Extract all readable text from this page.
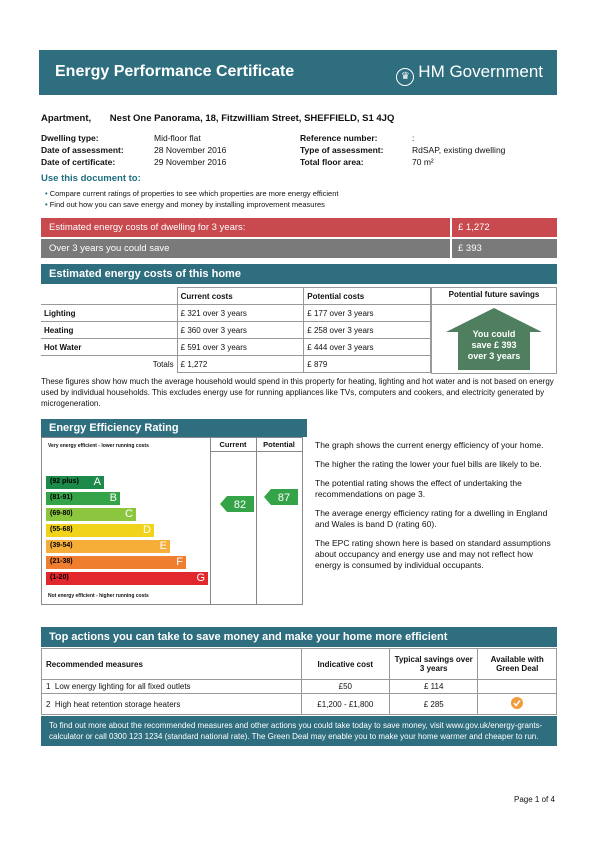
Energy Performance Certificate	♛ HM Government
Apartment, Nest One Panorama, 18, Fitzwilliam Street, SHEFFIELD, S1 4JQ
Dwelling type:	Mid-floor flat
Date of assessment:	28 November 2016
Date of certificate:	29 November 2016
Reference number:	:
Type of assessment:	RdSAP, existing dwelling
Total floor area:	70 m²
Use this document to:
• Compare current ratings of properties to see which properties are more energy efficient
• Find out how you can save energy and money by installing improvement measures
Estimated energy costs of dwelling for 3 years:	£ 1,272
Over 3 years you could save	£ 393
Estimated energy costs of this home
	Current costs	Potential costs
Lighting	£ 321 over 3 years	£ 177 over 3 years
Heating	£ 360 over 3 years	£ 258 over 3 years
Hot Water	£ 591 over 3 years	£ 444 over 3 years
Totals	£ 1,272	£ 879
Potential future savings
You could
save £ 393
over 3 years
These figures show how much the average household would spend in this property for heating, lighting and hot water and is not based on energy used by individual households. This excludes energy use for running appliances like TVs, computers and cookers, and electricity generated by microgeneration.
Energy Efficiency Rating
Current	Potential
Very energy efficient - lower running costs
(92 plus) A
(81-91)	B
(69-80)	C
(55-68)	D
(39-54)	E
(21-38)	F
(1-20)	G
Not energy efficient - higher running costs
82
87

The graph shows the current energy efficiency of your home.

The higher the rating the lower your fuel bills are likely to be.

The potential rating shows the effect of undertaking the recommendations on page 3.

The average energy efficiency rating for a dwelling in England and Wales is band D (rating 60).

The EPC rating shown here is based on standard assumptions about occupancy and energy use and may not reflect how energy is consumed by individual occupants.

Top actions you can take to save money and make your home more efficient
Recommended measures	Indicative cost	Typical savings over 3 years	Available with Green Deal
1 Low energy lighting for all fixed outlets	£50	£ 114	
2 High heat retention storage heaters	£1,200 - £1,800	£ 285	
To find out more about the recommended measures and other actions you could take today to save money, visit www.gov.uk/energy-grants-calculator or call 0300 123 1234 (standard national rate). The Green Deal may enable you to make your home warmer and cheaper to run.
Page 1 of 4
